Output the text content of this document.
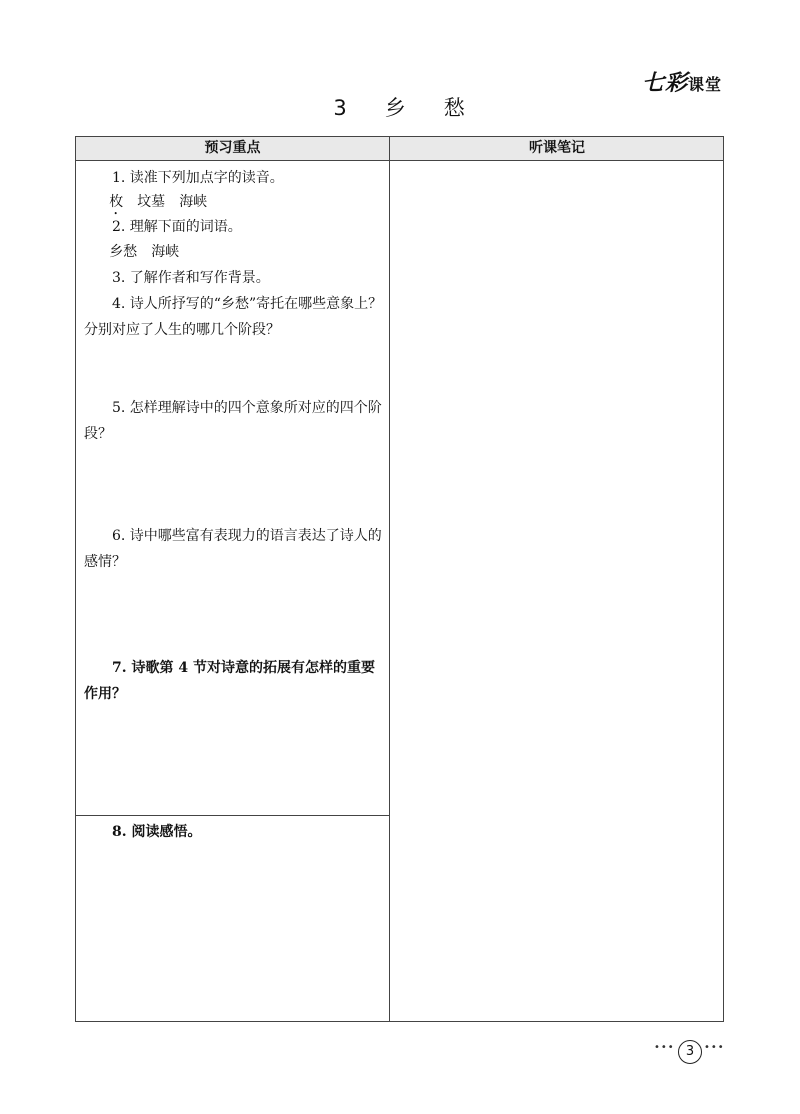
七彩课堂
3 乡 愁
预习重点	听课笔记
1. 读准下列加点字的读音。
枚 坟墓 海峡
2. 理解下面的词语。
乡愁 海峡
3. 了解作者和写作背景。
4. 诗人所抒写的“乡愁”寄托在哪些意象上？分别对应了人生的哪几个阶段？
5. 怎样理解诗中的四个意象所对应的四个阶段？
6. 诗中哪些富有表现力的语言表达了诗人的感情？
7. 诗歌第 4 节对诗意的拓展有怎样的重要作用？
8. 阅读感悟。
••• 3 •••
